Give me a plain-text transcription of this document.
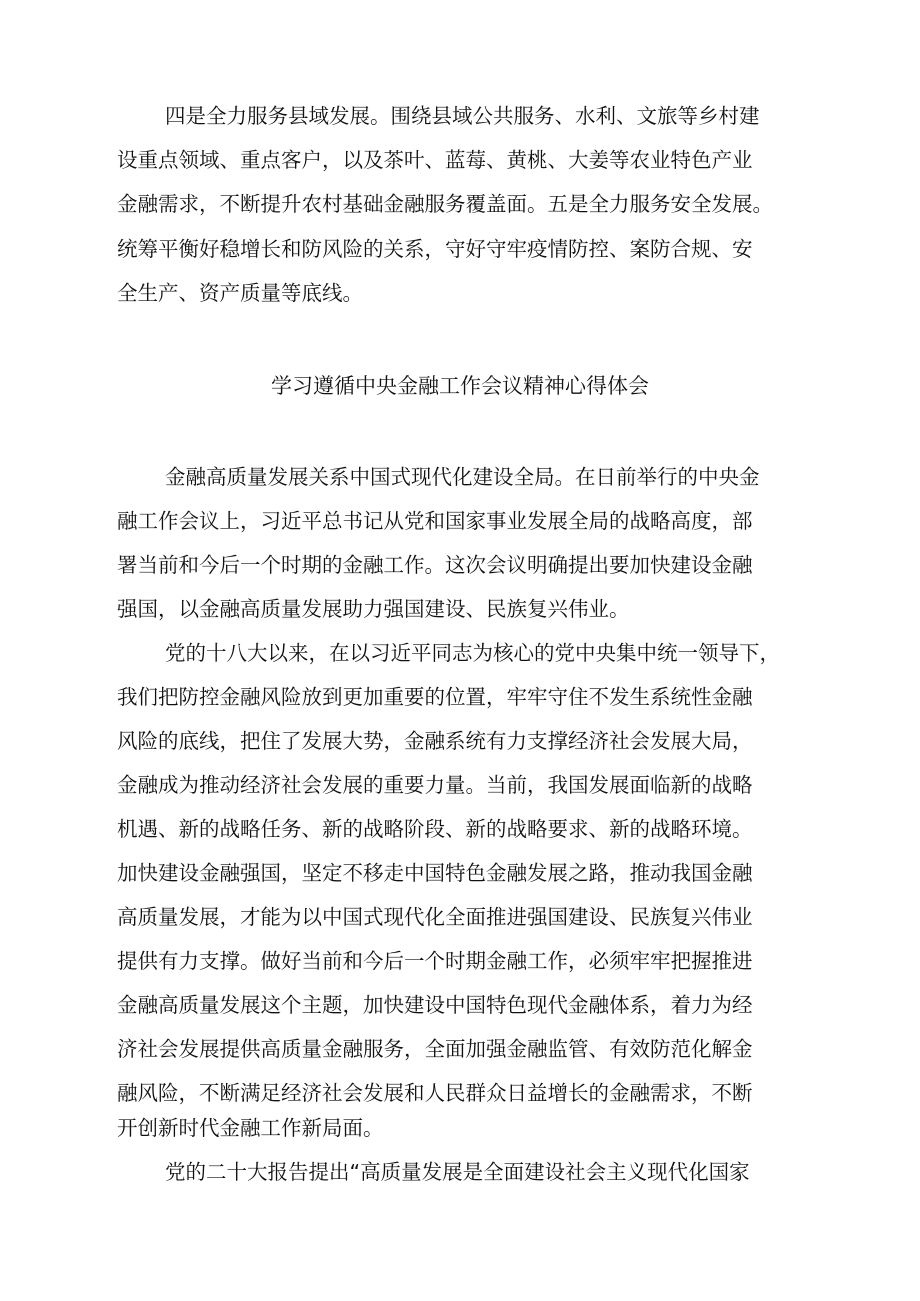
四是全力服务县域发展。围绕县域公共服务、水利、文旅等乡村建
设重点领域、重点客户，以及茶叶、蓝莓、黄桃、大姜等农业特色产业
金融需求，不断提升农村基础金融服务覆盖面。五是全力服务安全发展。
统筹平衡好稳增长和防风险的关系，守好守牢疫情防控、案防合规、安
全生产、资产质量等底线。
学习遵循中央金融工作会议精神心得体会
金融高质量发展关系中国式现代化建设全局。在日前举行的中央金
融工作会议上，习近平总书记从党和国家事业发展全局的战略高度，部
署当前和今后一个时期的金融工作。这次会议明确提出要加快建设金融
强国，以金融高质量发展助力强国建设、民族复兴伟业。
党的十八大以来，在以习近平同志为核心的党中央集中统一领导下，
我们把防控金融风险放到更加重要的位置，牢牢守住不发生系统性金融
风险的底线，把住了发展大势，金融系统有力支撑经济社会发展大局，
金融成为推动经济社会发展的重要力量。当前，我国发展面临新的战略
机遇、新的战略任务、新的战略阶段、新的战略要求、新的战略环境。
加快建设金融强国，坚定不移走中国特色金融发展之路，推动我国金融
高质量发展，才能为以中国式现代化全面推进强国建设、民族复兴伟业
提供有力支撑。做好当前和今后一个时期金融工作，必须牢牢把握推进
金融高质量发展这个主题，加快建设中国特色现代金融体系，着力为经
济社会发展提供高质量金融服务，全面加强金融监管、有效防范化解金
融风险，不断满足经济社会发展和人民群众日益增长的金融需求，不断
开创新时代金融工作新局面。
党的二十大报告提出“高质量发展是全面建设社会主义现代化国家
